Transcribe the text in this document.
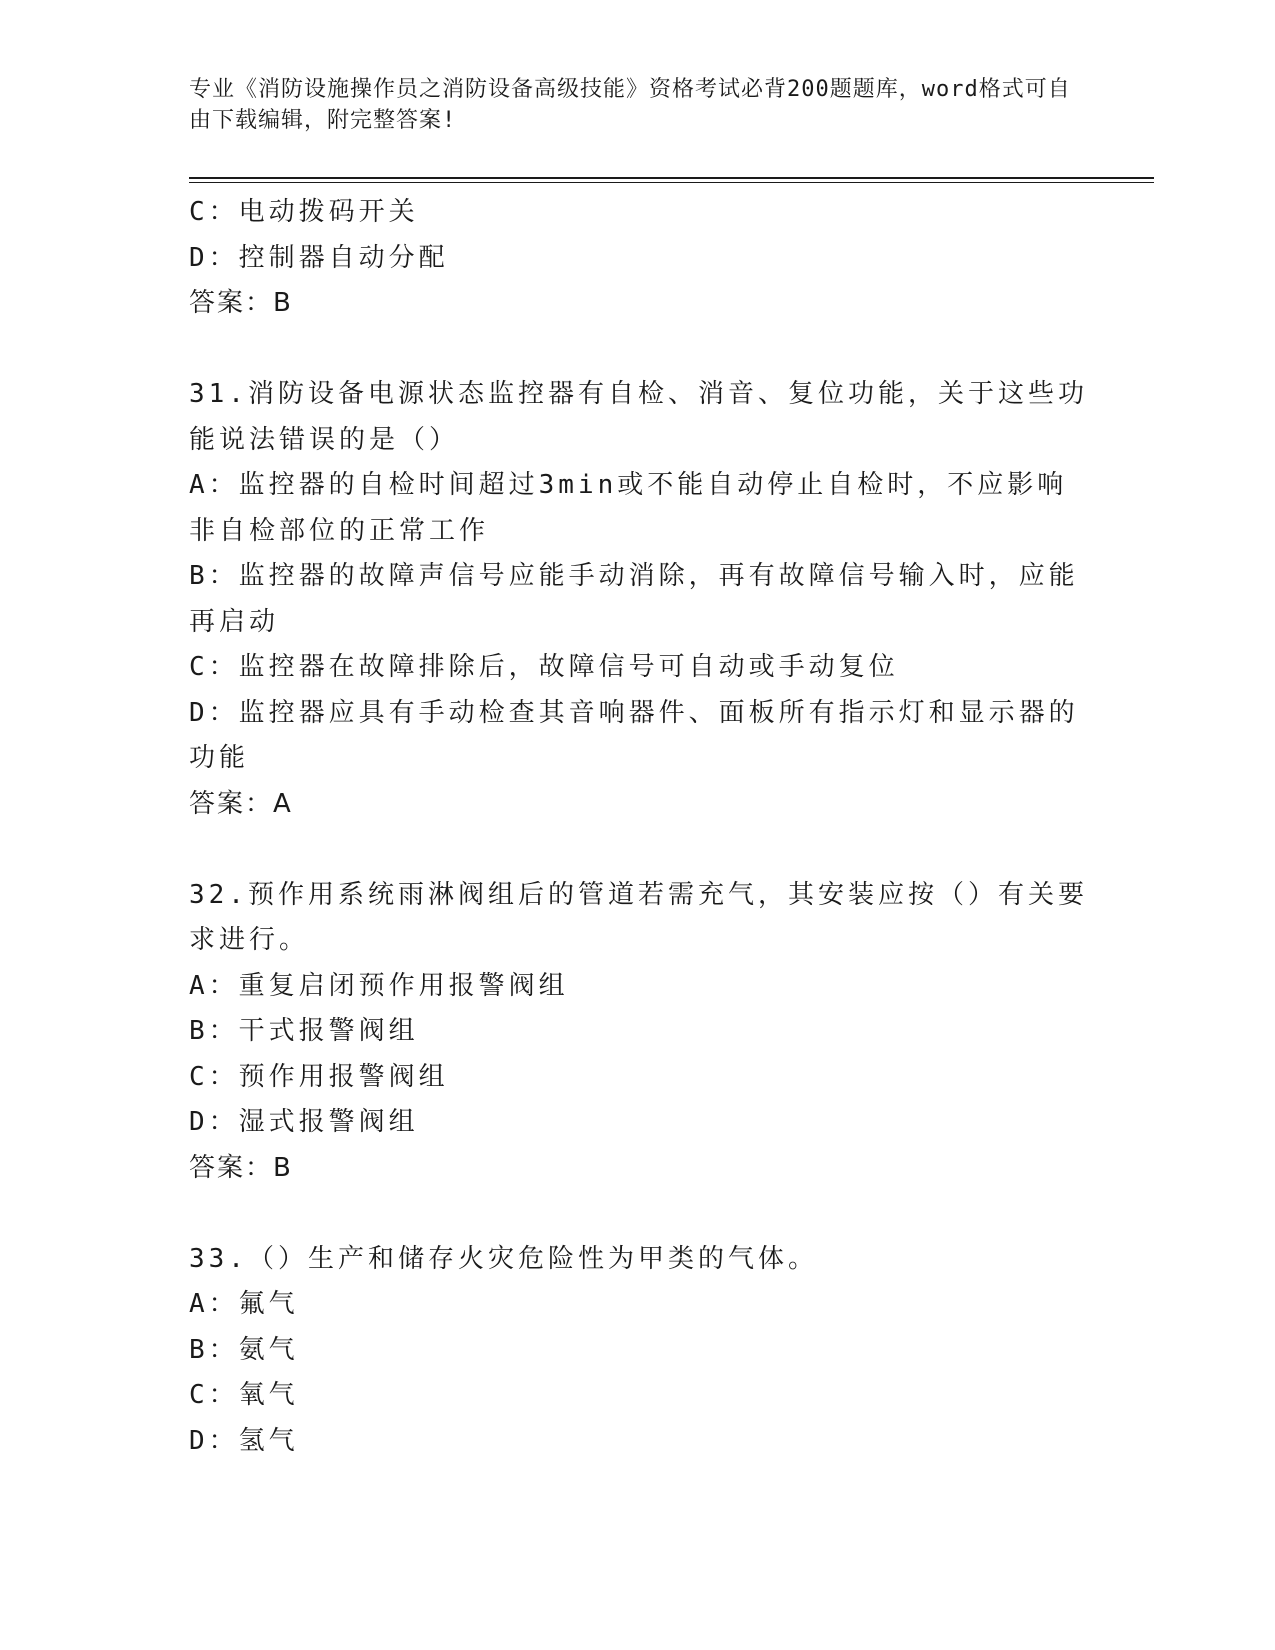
专业《消防设施操作员之消防设备高级技能》资格考试必背200题题库，word格式可自由下载编辑，附完整答案!
C：电动拨码开关
D：控制器自动分配
答案：B
31.消防设备电源状态监控器有自检、消音、复位功能，关于这些功能说法错误的是（）
A：监控器的自检时间超过3min或不能自动停止自检时，不应影响非自检部位的正常工作
B：监控器的故障声信号应能手动消除，再有故障信号输入时，应能再启动
C：监控器在故障排除后，故障信号可自动或手动复位
D：监控器应具有手动检查其音响器件、面板所有指示灯和显示器的功能
答案：A
32.预作用系统雨淋阀组后的管道若需充气，其安装应按（）有关要求进行。
A：重复启闭预作用报警阀组
B：干式报警阀组
C：预作用报警阀组
D：湿式报警阀组
答案：B
33.（）生产和储存火灾危险性为甲类的气体。
A：氟气
B：氨气
C：氧气
D：氢气
